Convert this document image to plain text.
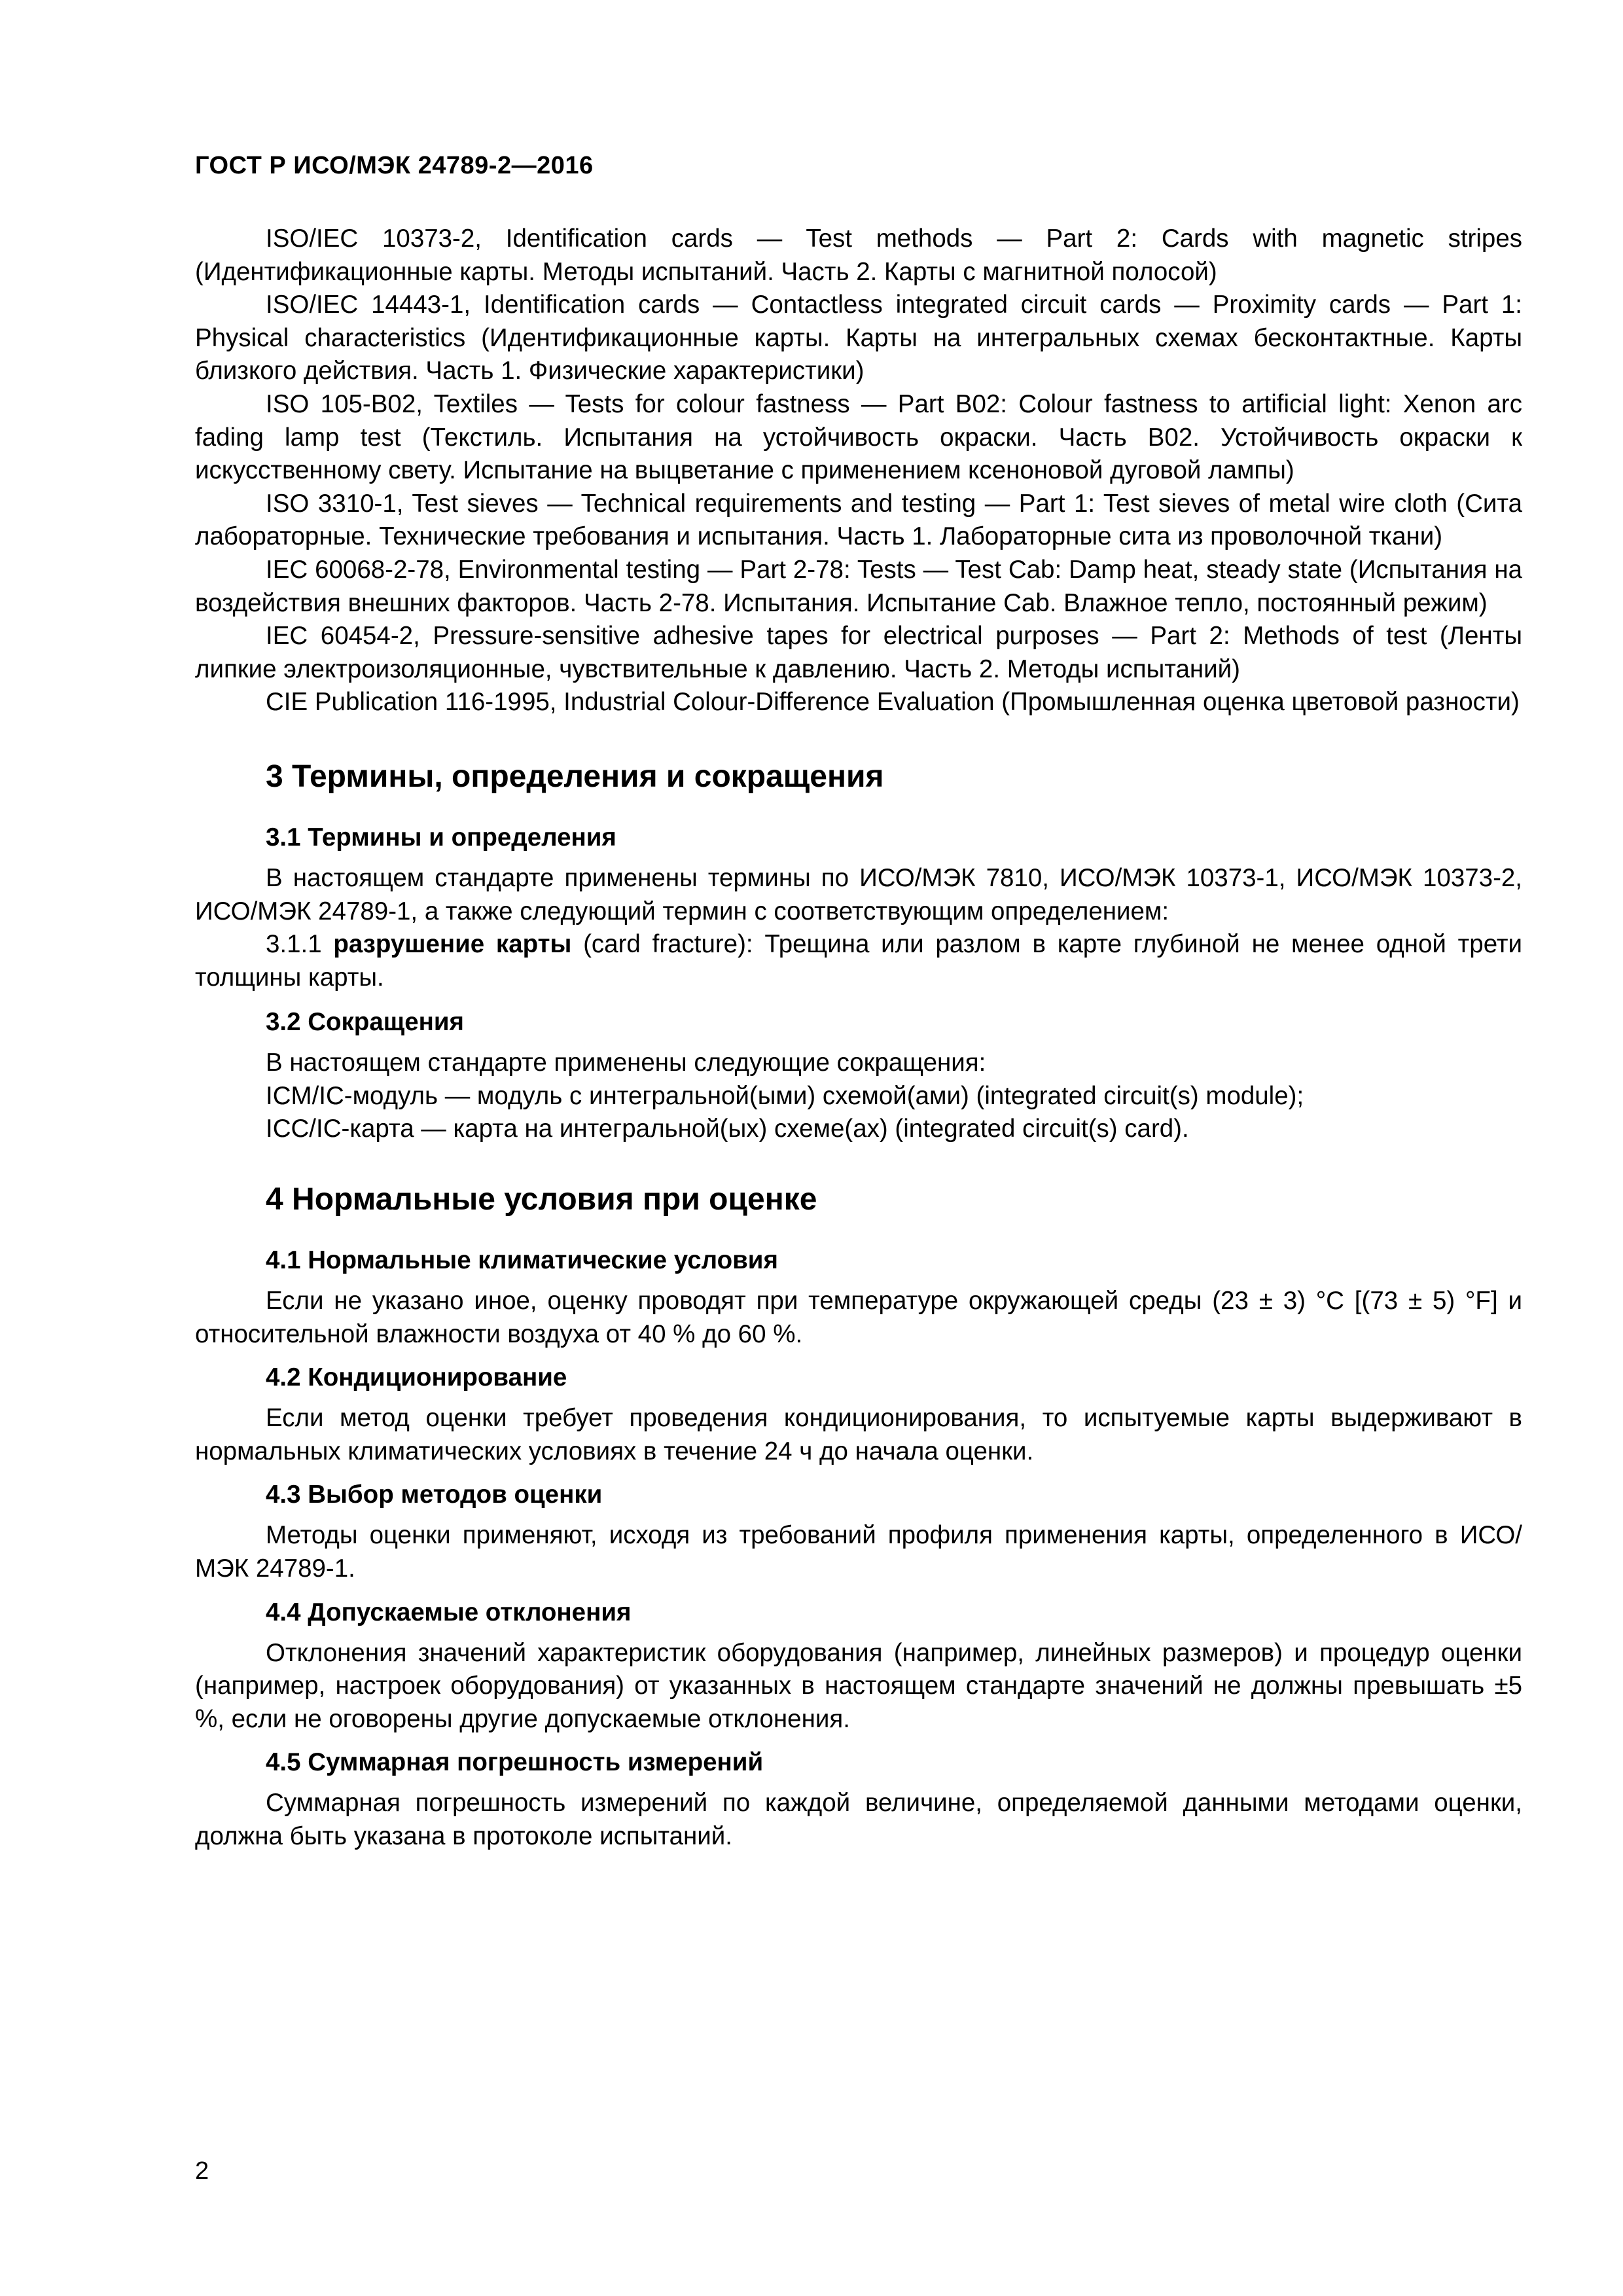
ГОСТ Р ИСО/МЭК 24789-2—2016

ISO/IEC 10373-2, Identification cards — Test methods — Part 2: Cards with magnetic stripes (Идентификационные карты. Методы испытаний. Часть 2. Карты с магнитной полосой)

ISO/IEC 14443-1, Identification cards — Contactless integrated circuit cards — Proximity cards — Part 1: Physical characteristics (Идентификационные карты. Карты на интегральных схемах бесконтактные. Карты близкого действия. Часть 1. Физические характеристики)

ISO 105-B02, Textiles — Tests for colour fastness — Part B02: Colour fastness to artificial light: Xenon arc fading lamp test (Текстиль. Испытания на устойчивость окраски. Часть B02. Устойчивость окраски к искусственному свету. Испытание на выцветание с применением ксеноновой дуговой лампы)

ISO 3310-1, Test sieves — Technical requirements and testing — Part 1: Test sieves of metal wire cloth (Сита лабораторные. Технические требования и испытания. Часть 1. Лабораторные сита из проволочной ткани)

IEC 60068-2-78, Environmental testing — Part 2-78: Tests — Test Cab: Damp heat, steady state (Испытания на воздействия внешних факторов. Часть 2-78. Испытания. Испытание Cab. Влажное тепло, постоянный режим)

IEC 60454-2, Pressure-sensitive adhesive tapes for electrical purposes — Part 2: Methods of test (Ленты липкие электроизоляционные, чувствительные к давлению. Часть 2. Методы испытаний)

CIE Publication 116-1995, Industrial Colour-Difference Evaluation (Промышленная оценка цветовой разности)

3 Термины, определения и сокращения
3.1 Термины и определения

В настоящем стандарте применены термины по ИСО/МЭК 7810, ИСО/МЭК 10373-1, ИСО/МЭК 10373-2, ИСО/МЭК 24789-1, а также следующий термин с соответствующим определением:

3.1.1 разрушение карты (card fracture): Трещина или разлом в карте глубиной не менее одной трети толщины карты.

3.2 Сокращения

В настоящем стандарте применены следующие сокращения:

ICM/IC-модуль — модуль с интегральной(ыми) схемой(ами) (integrated circuit(s) module);

ICC/IC-карта — карта на интегральной(ых) схеме(ах) (integrated circuit(s) card).

4 Нормальные условия при оценке
4.1 Нормальные климатические условия

Если не указано иное, оценку проводят при температуре окружающей среды (23 ± 3) °С [(73 ± 5) °F] и относительной влажности воздуха от 40 % до 60 %.

4.2 Кондиционирование

Если метод оценки требует проведения кондиционирования, то испытуемые карты выдерживают в нормальных климатических условиях в течение 24 ч до начала оценки.

4.3 Выбор методов оценки

Методы оценки применяют, исходя из требований профиля применения карты, определенного в ИСО/МЭК 24789-1.

4.4 Допускаемые отклонения

Отклонения значений характеристик оборудования (например, линейных размеров) и процедур оценки (например, настроек оборудования) от указанных в настоящем стандарте значений не должны превышать ±5 %, если не оговорены другие допускаемые отклонения.

4.5 Суммарная погрешность измерений

Суммарная погрешность измерений по каждой величине, определяемой данными методами оценки, должна быть указана в протоколе испытаний.

2
